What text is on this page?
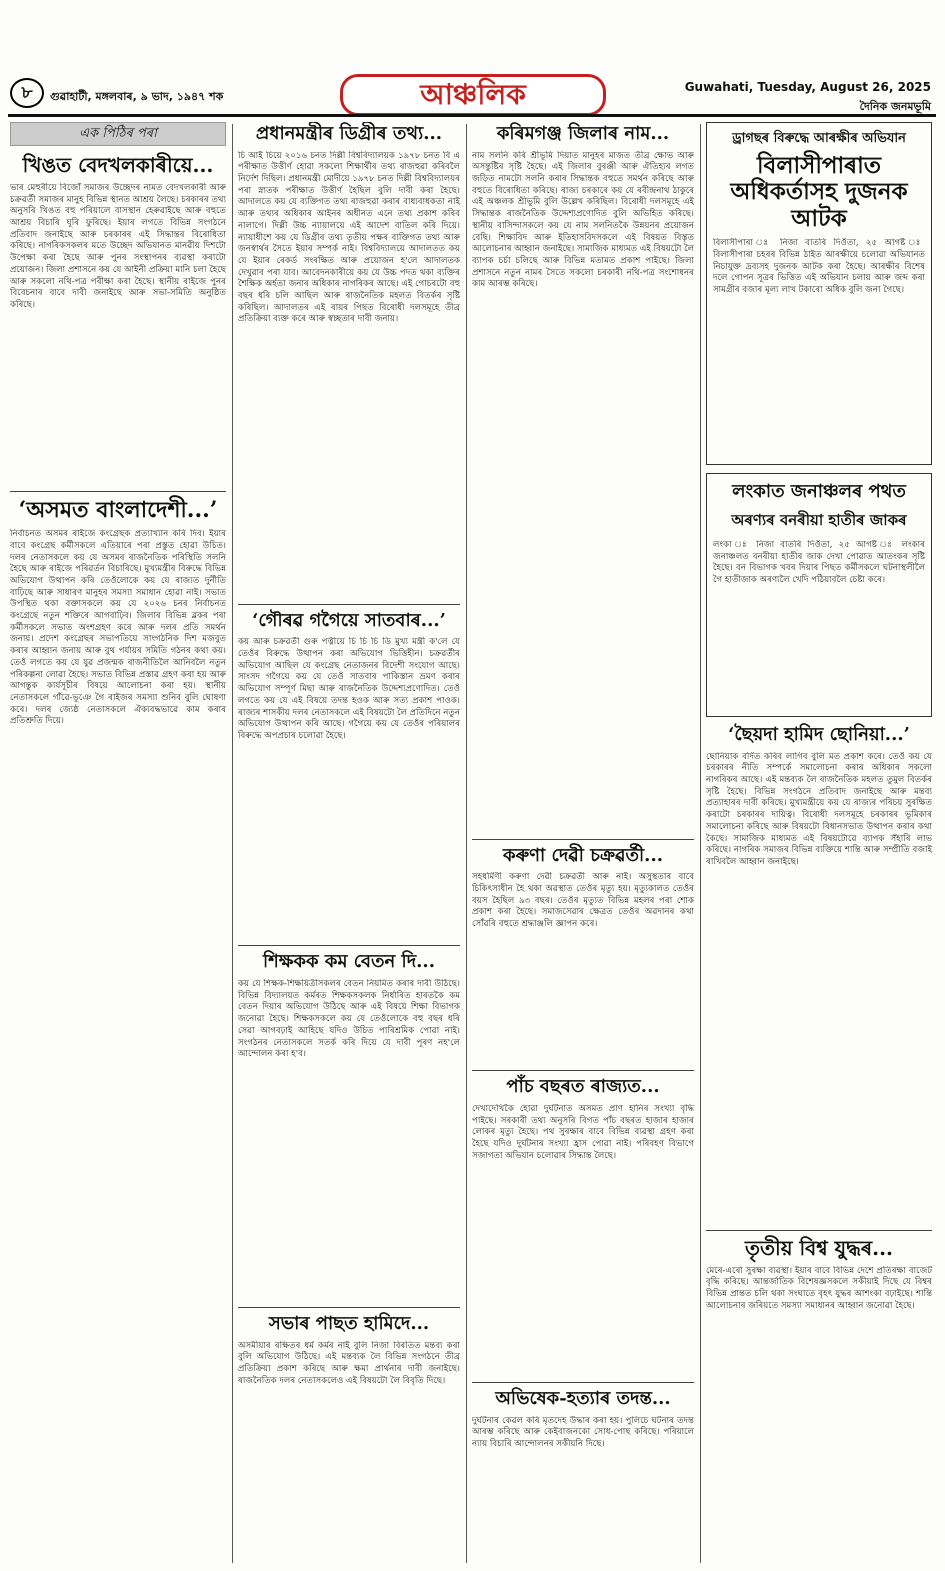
৮	গুৱাহাটী, মঙ্গলবাৰ, ৯ ভাদ, ১৯৪৭ শক	আঞ্চলিক	Guwahati, Tuesday, August 26, 2025
দৈনিক জনমভূমি
এক পিঠিৰ পৰা
খিঙত বেদখলকাৰীয়ে...

ভাৰ মেহুৰীয়ে বিজোঁ সমাজৰ উচ্ছেদৰ নামত বেদখলকাৰী আৰু চক্ৰৱৰ্তী সমাজৰ মানুহ বিভিন্ন স্থানত আশ্ৰয় লৈছে। চৰকাৰৰ তথ্য অনুসৰি খিঙত বহু পৰিয়ালে বাসস্থান হেৰুৱাইছে আৰু বহুতে আশ্ৰয় বিচাৰি ঘূৰি ফুৰিছে। ইয়াৰ লগতে বিভিন্ন সংগঠনে প্ৰতিবাদ জনাইছে আৰু চৰকাৰৰ এই সিদ্ধান্তৰ বিৰোধিতা কৰিছে। নাগৰিকসকলৰ মতে উচ্ছেদ অভিযানত মানৱীয় দিশটো উপেক্ষা কৰা হৈছে আৰু পুনৰ সংস্থাপনৰ ব্যৱস্থা কৰাটো প্ৰয়োজন। জিলা প্ৰশাসনে কয় যে আইনী প্ৰক্ৰিয়া মানি চলা হৈছে আৰু সকলো নথি-পত্ৰ পৰীক্ষা কৰা হৈছে। স্থানীয় ৰাইজে পুনৰ বিবেচনাৰ বাবে দাবী জনাইছে আৰু সভা-সমিতি অনুষ্ঠিত কৰিছে।

‘অসমত বাংলাদেশী...’

নিৰ্বাচনত অসমৰ ৰাইজে কংগ্ৰেছক প্ৰত্যাখ্যান কৰি দিব। ইয়াৰ বাবে কংগ্ৰেছ কৰ্মীসকলে এতিয়াৰে পৰা প্ৰস্তুত হোৱা উচিত। দলৰ নেতাসকলে কয় যে অসমৰ ৰাজনৈতিক পৰিস্থিতি সলনি হৈছে আৰু ৰাইজে পৰিৱৰ্তন বিচাৰিছে। মুখ্যমন্ত্ৰীৰ বিৰুদ্ধে বিভিন্ন অভিযোগ উত্থাপন কৰি তেওঁলোকে কয় যে ৰাজ্যত দুৰ্নীতি বাঢ়িছে আৰু সাধাৰণ মানুহৰ সমস্যা সমাধান হোৱা নাই। সভাত উপস্থিত থকা বক্তাসকলে কয় যে ২০২৬ চনৰ নিৰ্বাচনত কংগ্ৰেছে নতুন শক্তিৰে আগবাঢ়িব। জিলাৰ বিভিন্ন ব্লকৰ পৰা কৰ্মীসকলে সভাত অংশগ্ৰহণ কৰে আৰু দলৰ প্ৰতি সমৰ্থন জনায়। প্ৰদেশ কংগ্ৰেছৰ সভাপতিয়ে সাংগঠনিক দিশ মজবুত কৰাৰ আহ্বান জনায় আৰু বুথ পৰ্যায়ৰ সমিতি গঠনৰ কথা কয়। তেওঁ লগতে কয় যে যুৱ প্ৰজন্মক ৰাজনীতিলৈ আনিবলৈ নতুন পৰিকল্পনা লোৱা হৈছে। সভাত বিভিন্ন প্ৰস্তাৱ গ্ৰহণ কৰা হয় আৰু আগন্তুক কাৰ্যসূচীৰ বিষয়ে আলোচনা কৰা হয়। স্থানীয় নেতাসকলে গাঁৱে-ভূঞে গৈ ৰাইজৰ সমস্যা শুনিব বুলি ঘোষণা কৰে। দলৰ জ্যেষ্ঠ নেতাসকলে ঐক্যবদ্ধভাৱে কাম কৰাৰ প্ৰতিশ্ৰুতি দিয়ে।

প্ৰধানমন্ত্ৰীৰ ডিগ্ৰীৰ তথ্য...

চি আই চিয়ে ২০১৬ চনত দিল্লী বিশ্ববিদ্যালয়ক ১৯৭৮ চনত বি এ পৰীক্ষাত উত্তীৰ্ণ হোৱা সকলো শিক্ষাৰ্থীৰ তথ্য ৰাজহুৱা কৰিবলৈ নিৰ্দেশ দিছিল। প্ৰধানমন্ত্ৰী মোদীয়ে ১৯৭৮ চনত দিল্লী বিশ্ববিদ্যালয়ৰ পৰা স্নাতক পৰীক্ষাত উত্তীৰ্ণ হৈছিল বুলি দাবী কৰা হৈছে। আদালতে কয় যে ব্যক্তিগত তথ্য ৰাজহুৱা কৰাৰ বাধ্যবাধকতা নাই আৰু তথ্যৰ অধিকাৰ আইনৰ অধীনত এনে তথ্য প্ৰকাশ কৰিব নালাগে। দিল্লী উচ্চ ন্যায়ালয়ে এই আদেশ বাতিল কৰি দিয়ে। ন্যায়াধীশে কয় যে ডিগ্ৰীৰ তথ্য তৃতীয় পক্ষৰ ব্যক্তিগত তথ্য আৰু জনস্বাৰ্থৰ সৈতে ইয়াৰ সম্পৰ্ক নাই। বিশ্ববিদ্যালয়ে আদালতত কয় যে ইয়াৰ ৰেকৰ্ড সংৰক্ষিত আৰু প্ৰয়োজন হ'লে আদালতক দেখুৱাব পৰা যাব। আবেদনকাৰীয়ে কয় যে উচ্চ পদত থকা ব্যক্তিৰ শৈক্ষিক অৰ্হতা জনাৰ অধিকাৰ নাগৰিকৰ আছে। এই গোচৰটো বহু বছৰ ধৰি চলি আছিল আৰু ৰাজনৈতিক মহলত বিতৰ্কৰ সৃষ্টি কৰিছিল। আদালতৰ এই ৰায়ৰ পিছত বিৰোধী দলসমূহে তীব্ৰ প্ৰতিক্ৰিয়া ব্যক্ত কৰে আৰু স্বচ্ছতাৰ দাবী জনায়।

‘গৌৰৱ গগৈয়ে সাতবাৰ...’

কয় আৰু চক্ৰৱৰ্তী গুৰু পত্নীয়ে চি চি চি ডি মুখ্য মন্ত্ৰী ক'লে যে তেওঁৰ বিৰুদ্ধে উত্থাপন কৰা অভিযোগ ভিত্তিহীন। চক্ৰৱৰ্তীৰ অভিযোগ আছিল যে কংগ্ৰেছ নেতাজনৰ বিদেশী সংযোগ আছে। সাংসদ গগৈয়ে কয় যে তেওঁ সাতবাৰ পাকিস্তান ভ্ৰমণ কৰাৰ অভিযোগ সম্পূৰ্ণ মিছা আৰু ৰাজনৈতিক উদ্দেশ্যপ্ৰণোদিত। তেওঁ লগতে কয় যে এই বিষয়ে তদন্ত হওক আৰু সত্য প্ৰকাশ পাওক। ৰাজ্যৰ শাসকীয় দলৰ নেতাসকলে এই বিষয়টো লৈ প্ৰতিদিনে নতুন অভিযোগ উত্থাপন কৰি আছে। গগৈয়ে কয় যে তেওঁৰ পৰিয়ালৰ বিৰুদ্ধে অপপ্ৰচাৰ চলোৱা হৈছে।

শিক্ষকক কম বেতন দি...

কয় যে শিক্ষক-শিক্ষয়িত্ৰীসকলৰ বেতন নিয়মিত কৰাৰ দাবী উঠিছে। বিভিন্ন বিদ্যালয়ত কৰ্মৰত শিক্ষকসকলক নিৰ্ধাৰিত হাৰতকৈ কম বেতন দিয়াৰ অভিযোগ উঠিছে আৰু এই বিষয়ে শিক্ষা বিভাগক জনোৱা হৈছে। শিক্ষকসকলে কয় যে তেওঁলোকে বহু বছৰ ধৰি সেৱা আগবঢ়াই আহিছে যদিও উচিত পাৰিশ্ৰমিক পোৱা নাই। সংগঠনৰ নেতাসকলে সতৰ্ক কৰি দিয়ে যে দাবী পূৰণ নহ'লে আন্দোলন কৰা হ'ব।

সভাৰ পাছত হামিদে...

অসমীয়াৰ ৰক্ষিতৰ ধৰ্ম কৰ্মৰ নাই বুলি নিজা বিৰতিত মন্তব্য কৰা বুলি অভিযোগ উঠিছে। এই মন্তব্যক লৈ বিভিন্ন সংগঠনে তীব্ৰ প্ৰতিক্ৰিয়া প্ৰকাশ কৰিছে আৰু ক্ষমা প্ৰাৰ্থনাৰ দাবী জনাইছে। ৰাজনৈতিক দলৰ নেতাসকলেও এই বিষয়টো লৈ বিবৃতি দিছে।

কৰিমগঞ্জ জিলাৰ নাম...

নাম সলনি কৰি শ্ৰীভূমি দিয়াত মানুহৰ মাজত তীব্ৰ ক্ষোভ আৰু অসন্তুষ্টিৰ সৃষ্টি হৈছে। এই জিলাৰ বুৰঞ্জী আৰু ঐতিহ্যৰ লগত জড়িত নামটো সলনি কৰাৰ সিদ্ধান্তক বহুতে সমৰ্থন কৰিছে আৰু বহুতে বিৰোধিতা কৰিছে। ৰাজ্য চৰকাৰে কয় যে ৰবীন্দ্ৰনাথ ঠাকুৰে এই অঞ্চলক শ্ৰীভূমি বুলি উল্লেখ কৰিছিল। বিৰোধী দলসমূহে এই সিদ্ধান্তক ৰাজনৈতিক উদ্দেশ্যপ্ৰণোদিত বুলি অভিহিত কৰিছে। স্থানীয় বাসিন্দাসকলে কয় যে নাম সলনিতকৈ উন্নয়নৰ প্ৰয়োজন বেছি। শিক্ষাবিদ আৰু ইতিহাসবিদসকলে এই বিষয়ত বিস্তৃত আলোচনাৰ আহ্বান জনাইছে। সামাজিক মাধ্যমত এই বিষয়টো লৈ ব্যাপক চৰ্চা চলিছে আৰু বিভিন্ন মতামত প্ৰকাশ পাইছে। জিলা প্ৰশাসনে নতুন নামৰ সৈতে সকলো চৰকাৰী নথি-পত্ৰ সংশোধনৰ কাম আৰম্ভ কৰিছে।

কৰুণা দেৱী চক্ৰৱৰ্তী...

সহধৰ্মিণী কৰুণা দেৱী চক্ৰৱৰ্তী আৰু নাই। অসুস্থতাৰ বাবে চিকিৎসাধীন হৈ থকা অৱস্থাত তেওঁৰ মৃত্যু হয়। মৃত্যুকালত তেওঁৰ বয়স হৈছিল ৯৩ বছৰ। তেওঁৰ মৃত্যুত বিভিন্ন মহলৰ পৰা শোক প্ৰকাশ কৰা হৈছে। সমাজসেৱাৰ ক্ষেত্ৰত তেওঁৰ অৱদানৰ কথা সোঁৱৰি বহুতে শ্ৰদ্ধাঞ্জলি জ্ঞাপন কৰে।

পাঁচ বছৰত ৰাজ্যত...

দেখাদেখিকৈ হোৱা দুৰ্ঘটনাত অসমত প্ৰাণ হানিৰ সংখ্যা বৃদ্ধি পাইছে। সৰকাৰী তথ্য অনুসৰি বিগত পাঁচ বছৰত হাজাৰ হাজাৰ লোকৰ মৃত্যু হৈছে। পথ সুৰক্ষাৰ বাবে বিভিন্ন ব্যৱস্থা গ্ৰহণ কৰা হৈছে যদিও দুৰ্ঘটনাৰ সংখ্যা হ্ৰাস পোৱা নাই। পৰিবহণ বিভাগে সজাগতা অভিযান চলোৱাৰ সিদ্ধান্ত লৈছে।

অভিষেক-হত্যাৰ তদন্ত...

দুৰ্ঘটনাৰ কেৱল কৰি মৃতদেহ উদ্ধাৰ কৰা হয়। পুলিচে ঘটনাৰ তদন্ত আৰম্ভ কৰিছে আৰু কেইবাজনকো সোধ-পোছ কৰিছে। পৰিয়ালে ন্যায় বিচাৰি আন্দোলনৰ সকীয়নি দিছে।

ড্ৰাগছৰ বিৰুদ্ধে আৰক্ষীৰ অভিযান
বিলাসীপাৰাত অধিকৰ্তাসহ দুজনক আটক

বিলাসীপাৰা ঃ নিজা বাতৰি দিওঁতা, ২৫ আগষ্ট ঃ বিলাসীপাৰা চহৰৰ বিভিন্ন ঠাইত আৰক্ষীয়ে চলোৱা অভিযানত নিচাযুক্ত দ্ৰব্যসহ দুজনক আটক কৰা হৈছে। আৰক্ষীৰ বিশেষ দলে গোপন সূত্ৰৰ ভিত্তিত এই অভিযান চলায় আৰু জব্দ কৰা সামগ্ৰীৰ বজাৰ মূল্য লাখ টকাৰো অধিক বুলি জনা গৈছে।

লংকাত জনাঞ্চলৰ পথত
অৰণ্যৰ বনৰীয়া হাতীৰ জাকৰ

লংকা ঃ নিজা বাতৰি দিওঁতা, ২৫ আগষ্ট ঃ লংকাৰ জনাঞ্চলত বনৰীয়া হাতীৰ জাক দেখা পোৱাত আতংকৰ সৃষ্টি হৈছে। বন বিভাগক খবৰ দিয়াৰ পিছত কৰ্মীসকলে ঘটনাস্থলীলৈ গৈ হাতীজাক অৰণ্যলৈ খেদি পঠিয়াবলৈ চেষ্টা কৰে।

‘ছৈয়দা হামিদ ছোনিয়া...’

ছোনিয়াক বৰ্দিত কৰিব লাগিব বুলি মত প্ৰকাশ কৰে। তেওঁ কয় যে চৰকাৰৰ নীতি সম্পৰ্কে সমালোচনা কৰাৰ অধিকাৰ সকলো নাগৰিকৰ আছে। এই মন্তব্যক লৈ ৰাজনৈতিক মহলত তুমুল বিতৰ্কৰ সৃষ্টি হৈছে। বিভিন্ন সংগঠনে প্ৰতিবাদ জনাইছে আৰু মন্তব্য প্ৰত্যাহাৰৰ দাবী কৰিছে। মুখ্যমন্ত্ৰীয়ে কয় যে ৰাজ্যৰ পৰিচয় সুৰক্ষিত কৰাটো চৰকাৰৰ দায়িত্ব। বিৰোধী দলসমূহে চৰকাৰৰ ভূমিকাৰ সমালোচনা কৰিছে আৰু বিষয়টো বিধানসভাত উত্থাপন কৰাৰ কথা কৈছে। সামাজিক মাধ্যমত এই বিষয়টোৱে ব্যাপক সঁহাৰি লাভ কৰিছে। নাগৰিক সমাজৰ বিভিন্ন ব্যক্তিয়ে শান্তি আৰু সম্প্ৰীতি বজাই ৰাখিবলৈ আহ্বান জনাইছে।

তৃতীয় বিশ্ব যুদ্ধৰ...

মেৰে-এৰো সুৰক্ষা ব্যৱস্থা। ইয়াৰ বাবে বিভিন্ন দেশে প্ৰতিৰক্ষা বাজেট বৃদ্ধি কৰিছে। আন্তৰ্জাতিক বিশেষজ্ঞসকলে সকীয়াই দিছে যে বিশ্বৰ বিভিন্ন প্ৰান্তত চলি থকা সংঘাতে বৃহৎ যুদ্ধৰ আশংকা বঢ়াইছে। শান্তি আলোচনাৰ জৰিয়তে সমস্যা সমাধানৰ আহ্বান জনোৱা হৈছে।
